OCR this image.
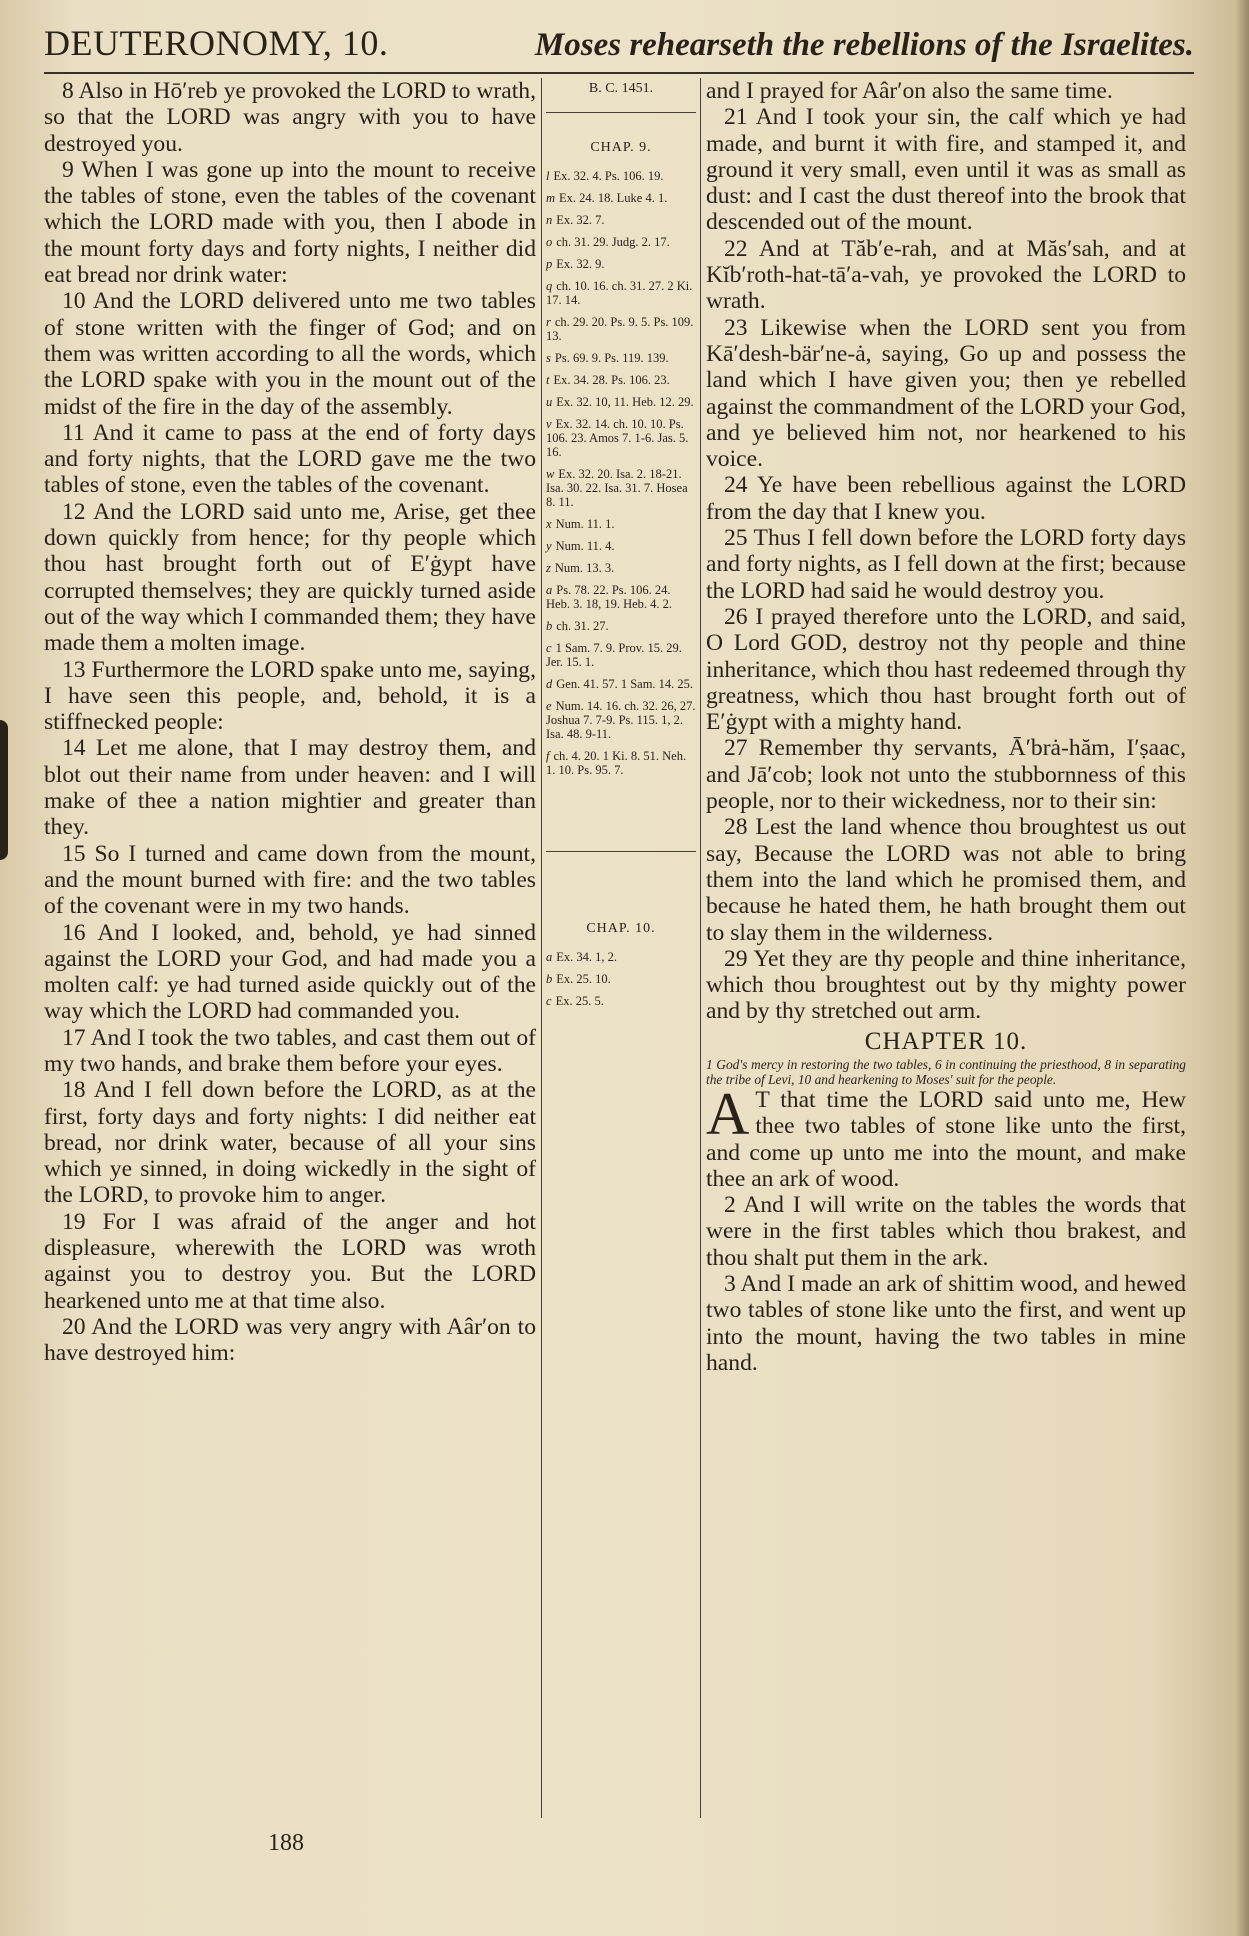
DEUTERONOMY, 10.	Moses rehearseth the rebellions of the Israelites.

8 Also in Hō′reb ye provoked the LORD to wrath, so that the LORD was angry with you to have destroyed you.

9 When I was gone up into the mount to receive the tables of stone, even the tables of the covenant which the LORD made with you, then I abode in the mount forty days and forty nights, I neither did eat bread nor drink water:

10 And the LORD delivered unto me two tables of stone written with the finger of God; and on them was written according to all the words, which the LORD spake with you in the mount out of the midst of the fire in the day of the assembly.

11 And it came to pass at the end of forty days and forty nights, that the LORD gave me the two tables of stone, even the tables of the covenant.

12 And the LORD said unto me, Arise, get thee down quickly from hence; for thy people which thou hast brought forth out of E′ġypt have corrupted themselves; they are quickly turned aside out of the way which I commanded them; they have made them a molten image.

13 Furthermore the LORD spake unto me, saying, I have seen this people, and, behold, it is a stiffnecked people:

14 Let me alone, that I may destroy them, and blot out their name from under heaven: and I will make of thee a nation mightier and greater than they.

15 So I turned and came down from the mount, and the mount burned with fire: and the two tables of the covenant were in my two hands.

16 And I looked, and, behold, ye had sinned against the LORD your God, and had made you a molten calf: ye had turned aside quickly out of the way which the LORD had commanded you.

17 And I took the two tables, and cast them out of my two hands, and brake them before your eyes.

18 And I fell down before the LORD, as at the first, forty days and forty nights: I did neither eat bread, nor drink water, because of all your sins which ye sinned, in doing wickedly in the sight of the LORD, to provoke him to anger.

19 For I was afraid of the anger and hot displeasure, wherewith the LORD was wroth against you to destroy you. But the LORD hearkened unto me at that time also.

20 And the LORD was very angry with Aâr′on to have destroyed him:

B. C. 1451.
CHAP. 9.
l Ex. 32. 4. Ps. 106. 19.
m Ex. 24. 18. Luke 4. 1.
n Ex. 32. 7.
o ch. 31. 29. Judg. 2. 17.
p Ex. 32. 9.
q ch. 10. 16. ch. 31. 27. 2 Ki. 17. 14.
r ch. 29. 20. Ps. 9. 5. Ps. 109. 13.
s Ps. 69. 9. Ps. 119. 139.
t Ex. 34. 28. Ps. 106. 23.
u Ex. 32. 10, 11. Heb. 12. 29.
v Ex. 32. 14. ch. 10. 10. Ps. 106. 23. Amos 7. 1-6. Jas. 5. 16.
w Ex. 32. 20. Isa. 2. 18-21. Isa. 30. 22. Isa. 31. 7. Hosea 8. 11.
x Num. 11. 1.
y Num. 11. 4.
z Num. 13. 3.
a Ps. 78. 22. Ps. 106. 24. Heb. 3. 18, 19. Heb. 4. 2.
b ch. 31. 27.
c 1 Sam. 7. 9. Prov. 15. 29. Jer. 15. 1.
d Gen. 41. 57. 1 Sam. 14. 25.
e Num. 14. 16. ch. 32. 26, 27. Joshua 7. 7-9. Ps. 115. 1, 2. Isa. 48. 9-11.
f ch. 4. 20. 1 Ki. 8. 51. Neh. 1. 10. Ps. 95. 7.
CHAP. 10.
a Ex. 34. 1, 2.
b Ex. 25. 10.
c Ex. 25. 5.

and I prayed for Aâr′on also the same time.

21 And I took your sin, the calf which ye had made, and burnt it with fire, and stamped it, and ground it very small, even until it was as small as dust: and I cast the dust thereof into the brook that descended out of the mount.

22 And at Tăb′e-rah, and at Măs′sah, and at Kĭb′roth-hat-tā′a-vah, ye provoked the LORD to wrath.

23 Likewise when the LORD sent you from Kā′desh-bär′ne-ȧ, saying, Go up and possess the land which I have given you; then ye rebelled against the commandment of the LORD your God, and ye believed him not, nor hearkened to his voice.

24 Ye have been rebellious against the LORD from the day that I knew you.

25 Thus I fell down before the LORD forty days and forty nights, as I fell down at the first; because the LORD had said he would destroy you.

26 I prayed therefore unto the LORD, and said, O Lord GOD, destroy not thy people and thine inheritance, which thou hast redeemed through thy greatness, which thou hast brought forth out of E′ġypt with a mighty hand.

27 Remember thy servants, Ā′brȧ-hăm, I′ṣaac, and Jā′cob; look not unto the stubbornness of this people, nor to their wickedness, nor to their sin:

28 Lest the land whence thou broughtest us out say, Because the LORD was not able to bring them into the land which he promised them, and because he hated them, he hath brought them out to slay them in the wilderness.

29 Yet they are thy people and thine inheritance, which thou broughtest out by thy mighty power and by thy stretched out arm.

CHAPTER 10.

1 God's mercy in restoring the two tables, 6 in continuing the priesthood, 8 in separating the tribe of Levi, 10 and hearkening to Moses' suit for the people.

A T that time the LORD said unto me, Hew thee two tables of stone like unto the first, and come up unto me into the mount, and make thee an ark of wood.

2 And I will write on the tables the words that were in the first tables which thou brakest, and thou shalt put them in the ark.

3 And I made an ark of shittim wood, and hewed two tables of stone like unto the first, and went up into the mount, having the two tables in mine hand.

188
